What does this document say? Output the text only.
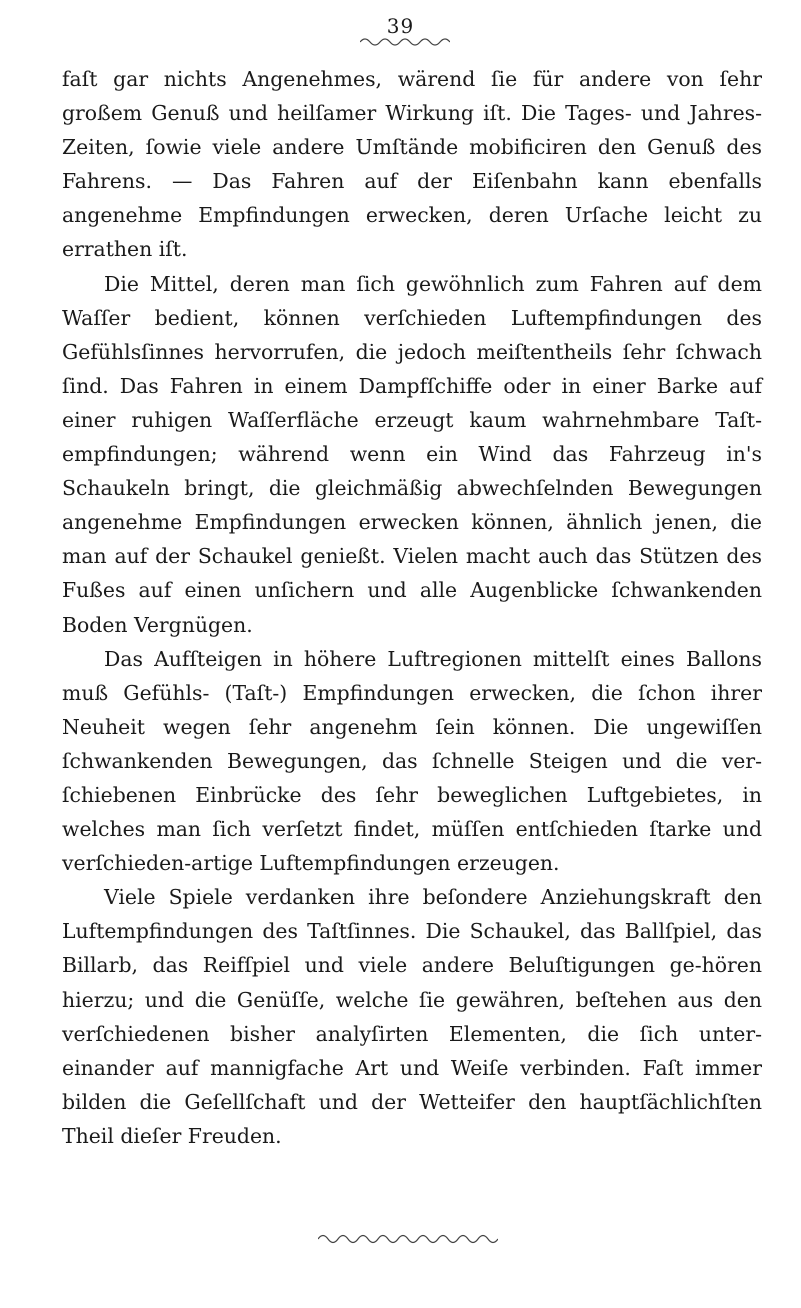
39

faſt gar nichts Angenehmes, wärend ſie für andere von ſehr großem Genuß und heilſamer Wirkung iſt. Die Tages- und Jahres-Zeiten, ſowie viele andere Umſtände mobificiren den Genuß des Fahrens. — Das Fahren auf der Eiſenbahn kann ebenfalls angenehme Empfindungen erwecken, deren Urſache leicht zu errathen iſt.

Die Mittel, deren man ſich gewöhnlich zum Fahren auf dem Waſſer bedient, können verſchieden Luftempfindungen des Gefühlsſinnes hervorrufen, die jedoch meiſtentheils ſehr ſchwach ſind. Das Fahren in einem Dampfſchiffe oder in einer Barke auf einer ruhigen Waſſerfläche erzeugt kaum wahrnehmbare Taſt-empfindungen; während wenn ein Wind das Fahrzeug in's Schaukeln bringt, die gleichmäßig abwechſelnden Bewegungen angenehme Empfindungen erwecken können, ähnlich jenen, die man auf der Schaukel genießt. Vielen macht auch das Stützen des Fußes auf einen unſichern und alle Augenblicke ſchwankenden Boden Vergnügen.

Das Aufſteigen in höhere Luftregionen mittelſt eines Ballons muß Gefühls- (Taſt-) Empfindungen erwecken, die ſchon ihrer Neuheit wegen ſehr angenehm ſein können. Die ungewiſſen ſchwankenden Bewegungen, das ſchnelle Steigen und die ver-ſchiebenen Einbrücke des ſehr beweglichen Luftgebietes, in welches man ſich verſetzt findet, müſſen entſchieden ſtarke und verſchieden-artige Luftempfindungen erzeugen.

Viele Spiele verdanken ihre beſondere Anziehungskraft den Luftempfindungen des Taſtſinnes. Die Schaukel, das Ballſpiel, das Billarb, das Reifſpiel und viele andere Beluſtigungen ge-hören hierzu; und die Genüſſe, welche ſie gewähren, beſtehen aus den verſchiedenen bisher analyſirten Elementen, die ſich unter-einander auf mannigfache Art und Weiſe verbinden. Faſt immer bilden die Geſellſchaft und der Wetteifer den hauptſächlichſten Theil dieſer Freuden.
